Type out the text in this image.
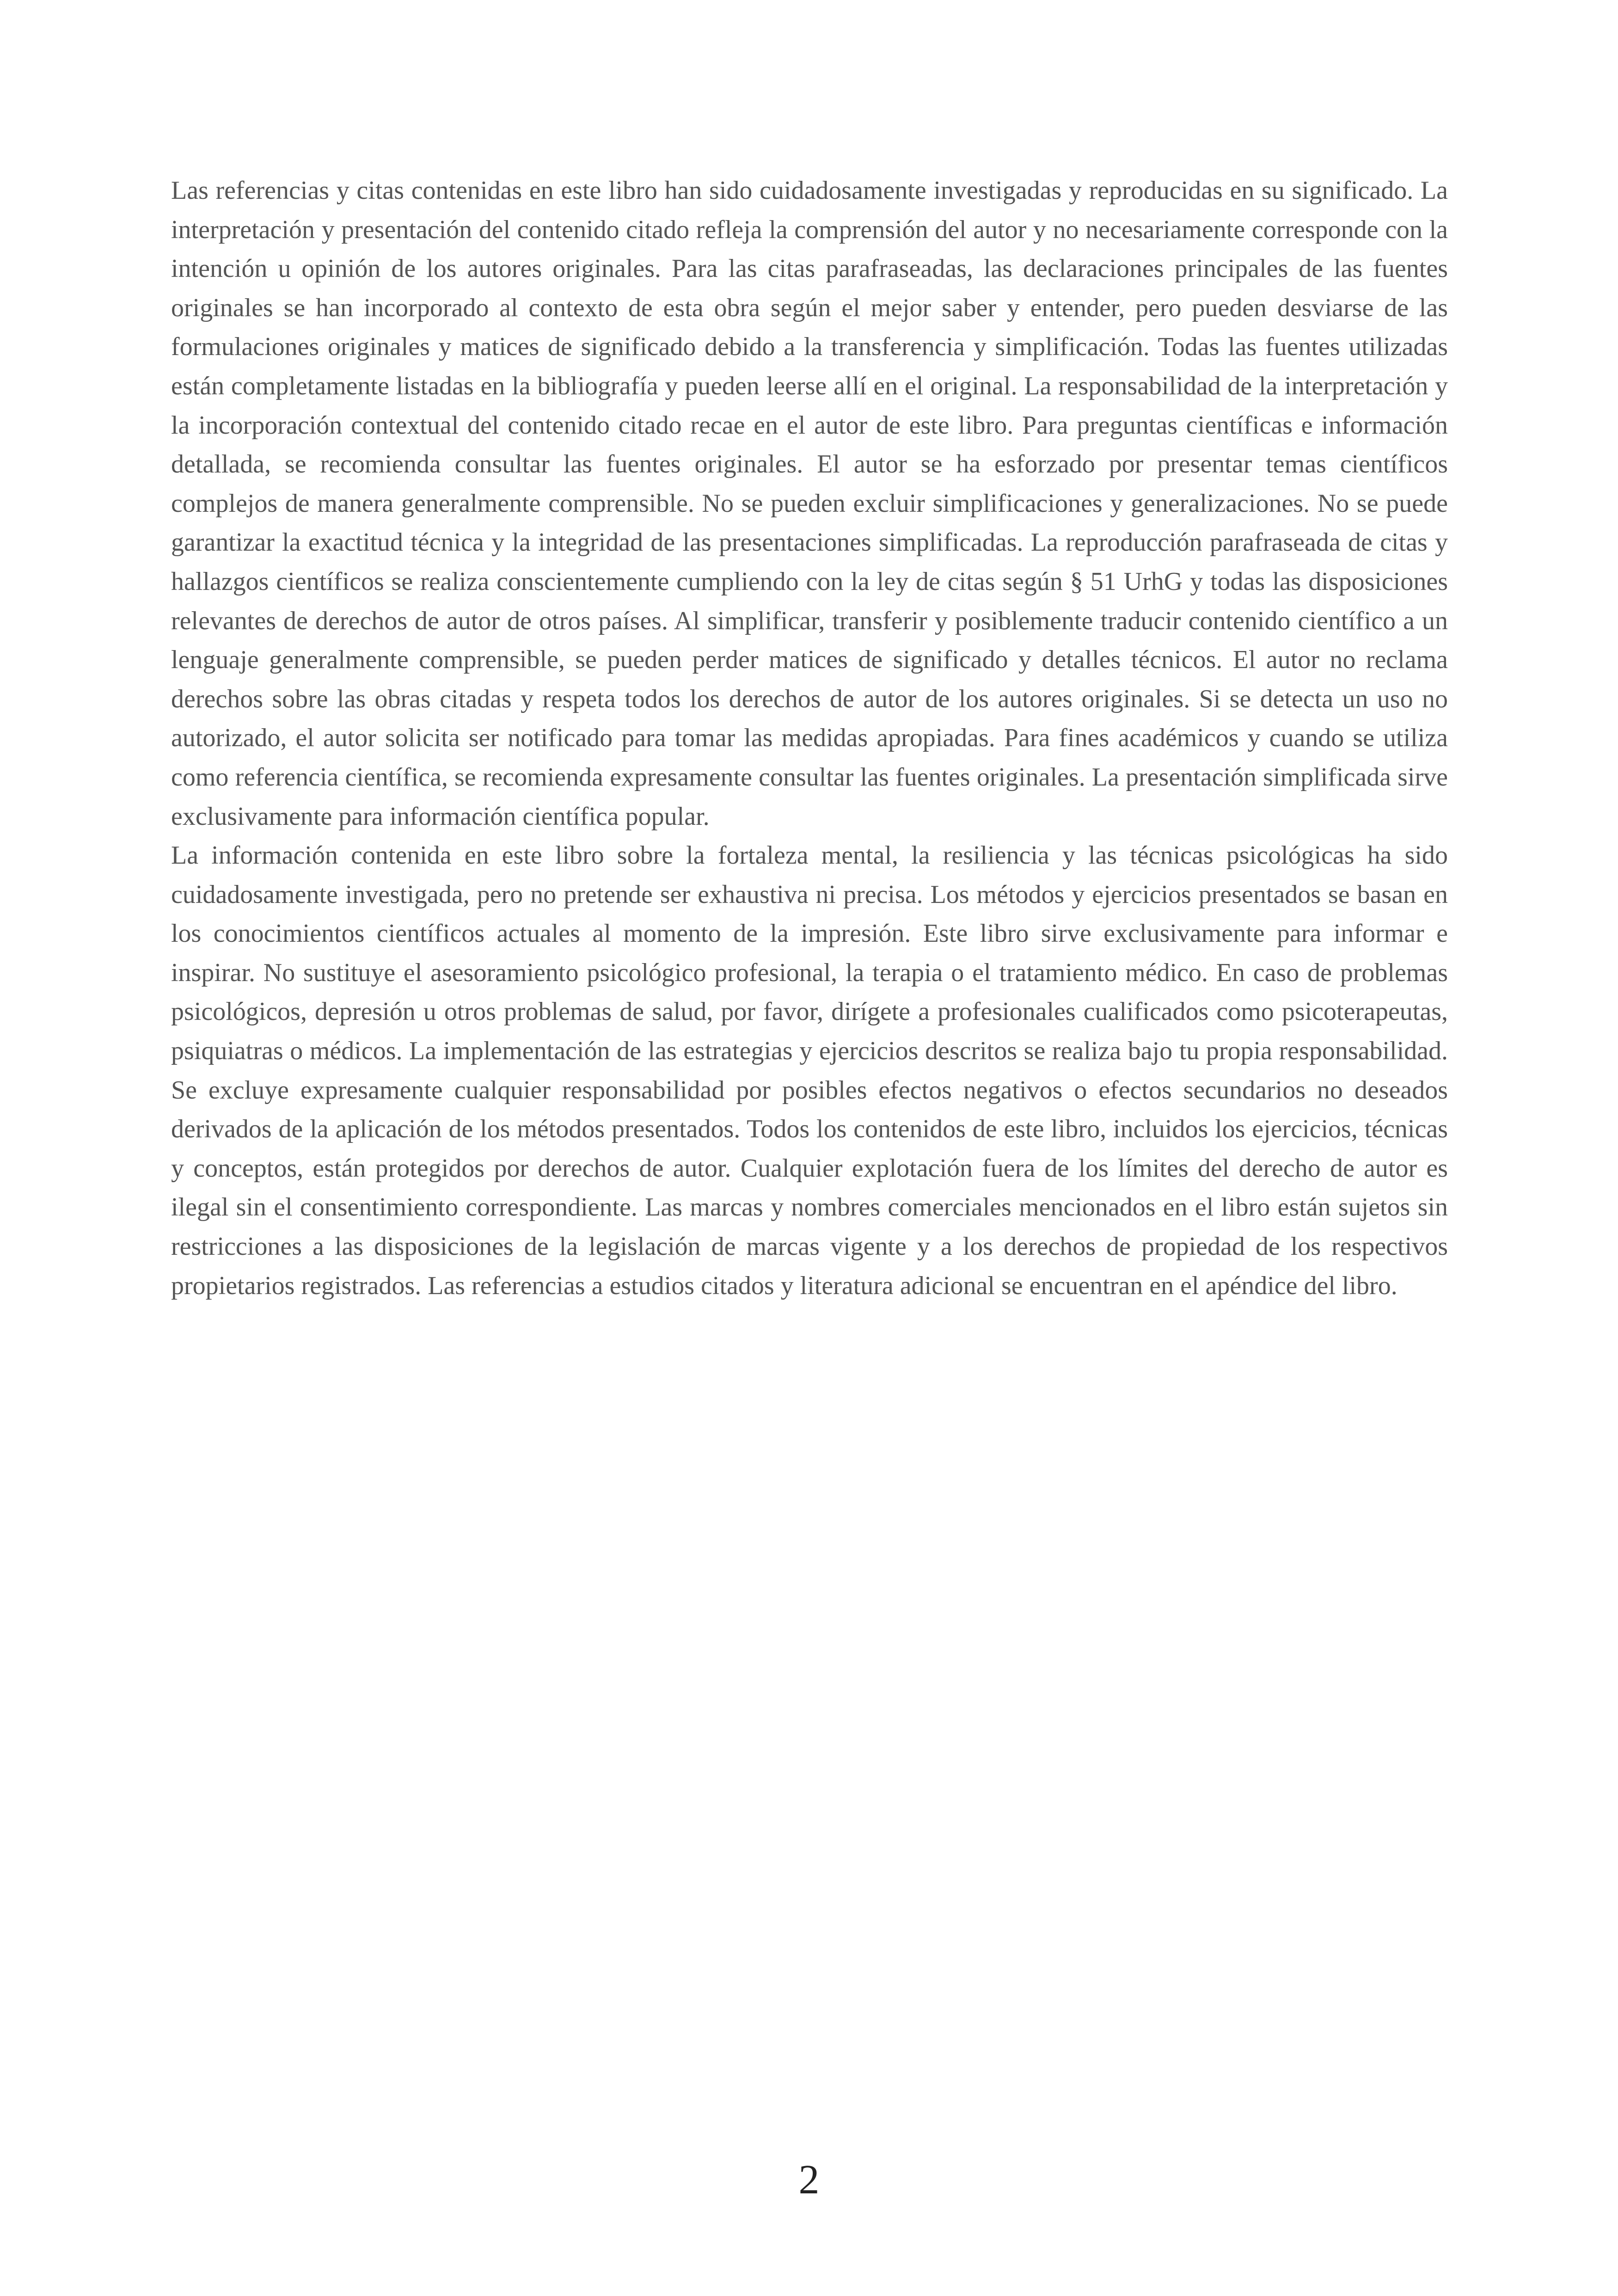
Las referencias y citas contenidas en este libro han sido cuidadosamente investigadas y reproducidas en su significado. La interpretación y presentación del contenido citado refleja la comprensión del autor y no necesariamente corresponde con la intención u opinión de los autores originales. Para las citas parafraseadas, las declaraciones principales de las fuentes originales se han incorporado al contexto de esta obra según el mejor saber y entender, pero pueden desviarse de las formulaciones originales y matices de significado debido a la transferencia y simplificación. Todas las fuentes utilizadas están completamente listadas en la bibliografía y pueden leerse allí en el original. La responsabilidad de la interpretación y la incorporación contextual del contenido citado recae en el autor de este libro. Para preguntas científicas e información detallada, se recomienda consultar las fuentes originales. El autor se ha esforzado por presentar temas científicos complejos de manera generalmente comprensible. No se pueden excluir simplificaciones y generalizaciones. No se puede garantizar la exactitud técnica y la integridad de las presentaciones simplificadas. La reproducción parafraseada de citas y hallazgos científicos se realiza conscientemente cumpliendo con la ley de citas según § 51 UrhG y todas las disposiciones relevantes de derechos de autor de otros países. Al simplificar, transferir y posiblemente traducir contenido científico a un lenguaje generalmente comprensible, se pueden perder matices de significado y detalles técnicos. El autor no reclama derechos sobre las obras citadas y respeta todos los derechos de autor de los autores originales. Si se detecta un uso no autorizado, el autor solicita ser notificado para tomar las medidas apropiadas. Para fines académicos y cuando se utiliza como referencia científica, se recomienda expresamente consultar las fuentes originales. La presentación simplificada sirve exclusivamente para información científica popular.

La información contenida en este libro sobre la fortaleza mental, la resiliencia y las técnicas psicológicas ha sido cuidadosamente investigada, pero no pretende ser exhaustiva ni precisa. Los métodos y ejercicios presentados se basan en los conocimientos científicos actuales al momento de la impresión. Este libro sirve exclusivamente para informar e inspirar. No sustituye el asesoramiento psicológico profesional, la terapia o el tratamiento médico. En caso de problemas psicológicos, depresión u otros problemas de salud, por favor, dirígete a profesionales cualificados como psicoterapeutas, psiquiatras o médicos. La implementación de las estrategias y ejercicios descritos se realiza bajo tu propia responsabilidad. Se excluye expresamente cualquier responsabilidad por posibles efectos negativos o efectos secundarios no deseados derivados de la aplicación de los métodos presentados. Todos los contenidos de este libro, incluidos los ejercicios, técnicas y conceptos, están protegidos por derechos de autor. Cualquier explotación fuera de los límites del derecho de autor es ilegal sin el consentimiento correspondiente. Las marcas y nombres comerciales mencionados en el libro están sujetos sin restricciones a las disposiciones de la legislación de marcas vigente y a los derechos de propiedad de los respectivos propietarios registrados. Las referencias a estudios citados y literatura adicional se encuentran en el apéndice del libro.

2
